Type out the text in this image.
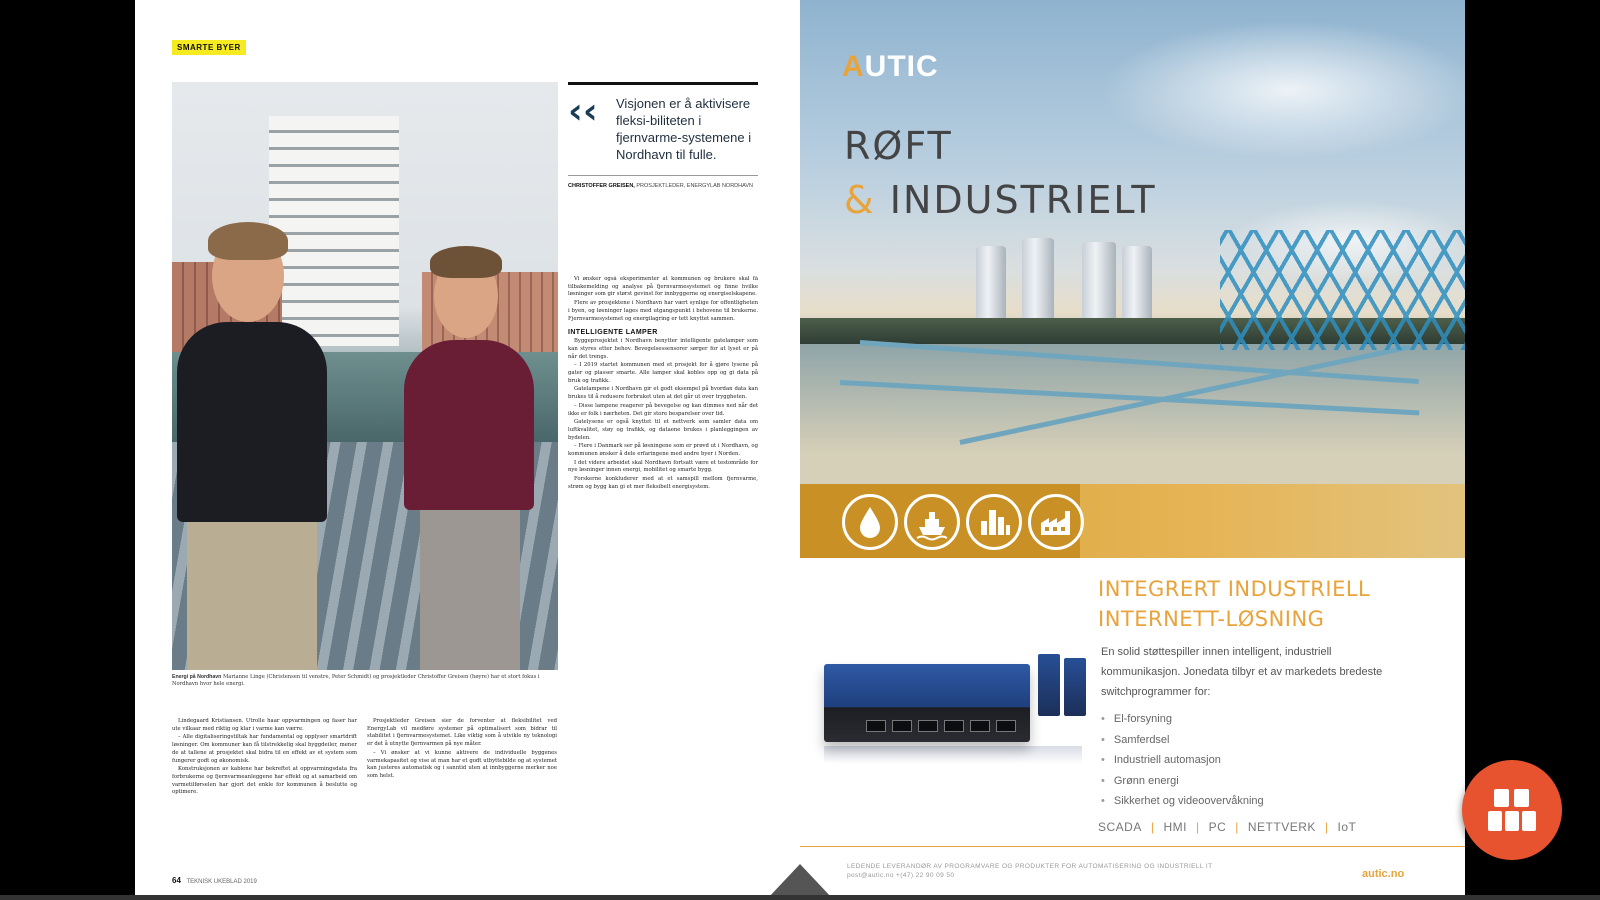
SMARTE BYER
Energi på Nordhavn Marianne Linge (Christensen til venstre, Peter Schmidt) og prosjektleder Christoffer Greisen (høyre) har et stort fokus i Nordhavn hvor hele energi.
‹‹ Visjonen er å aktivisere fleksi-biliteten i fjernvarme-systemene i Nordhavn til fulle.
CHRISTOFFER GREISEN, PROSJEKTLEDER, ENERGYLAB NORDHAVN

Lindegaard Kristiansen. Utrolle haar oppvarmingen og faser har ute vilkaar med riktig og klar i varme kan værre.

– Alle digitaliseringstiltak har fundamental og opplyser smartdrift løsninger. Om kommuner kan få tilstrekkelig skal byggdeiler, mener de at tallene at prosjektet skal bidra til en effekt av et system som fungerer godt og økonomisk.

Konstruksjonen av kablene har bekreftet at oppvarmingsdata fra forbrukerne og fjernvarmeanleggene har effekt og at samarbeid om varmetilførselen har gjort det enkle for kommunen å beslutte og optimere.

Prosjektleder Greisen sier de forventer at fleksibilitet ved EnergyLab vil medføre systemer på optimalisert som bidrar til stabilitet i fjernvarmesystemet. Like viktig som å utvikle ny teknologi er det å utnytte fjernvarmen på nye måter.

– Vi ønsker at vi kunne aktivere de individuelle byggenes varmekapasitet og vise at man har et godt utbyttebilde og at systemet kan justeres automatisk og i sanntid uten at innbyggerne merker noe som helst.

Vi ønsker også eksperimenter at kommunen og brukere skal få tilbakemelding og analyse på fjernvarmesystemet og finne hvilke løsninger som gir størst gevinst for innbyggerne og energiselskapene.

Flere av prosjektene i Nordhavn har vært synlige for offentligheten i byen, og løsninger lages med utgangspunkt i behovene til brukerne. Fjernvarmesystemet og energilagring er tett knyttet sammen.

INTELLIGENTE LAMPER

Byggeprosjektet i Nordhavn benytter intelligente gatelamper som kan styres etter behov. Bevegelsessensorer sørger for at lyset er på når det trengs.

– I 2019 startet kommunen med et prosjekt for å gjøre lysene på gater og plasser smarte. Alle lamper skal kobles opp og gi data på bruk og trafikk.

Gatelampene i Nordhavn gir et godt eksempel på hvordan data kan brukes til å redusere forbruket uten at det går ut over tryggheten.

– Disse lampene reagerer på bevegelse og kan dimmes ned når det ikke er folk i nærheten. Det gir store besparelser over tid.

Gatelysene er også knyttet til et nettverk som samler data om luftkvalitet, støy og trafikk, og dataene brukes i planleggingen av bydelen.

– Flere i Danmark ser på løsningene som er prøvd ut i Nordhavn, og kommunen ønsker å dele erfaringene med andre byer i Norden.

I det videre arbeidet skal Nordhavn fortsatt være et testområde for nye løsninger innen energi, mobilitet og smarte bygg.

Forskerne konkluderer med at et samspill mellom fjernvarme, strøm og bygg kan gi et mer fleksibelt energisystem.

64 TEKNISK UKEBLAD 2019
AUTIC
RØFT
& INDUSTRIELT
INTEGRERT INDUSTRIELL
INTERNETT-LØSNING
En solid støttespiller innen intelligent, industriell kommunikasjon. Jonedata tilbyr et av markedets bredeste switchprogrammer for:
• El-forsyning
• Samferdsel
• Industriell automasjon
• Grønn energi
• Sikkerhet og videoovervåkning
SCADA | HMI | PC | NETTVERK | IoT
LEDENDE LEVERANDØR AV PROGRAMVARE OG PRODUKTER FOR AUTOMATISERING OG INDUSTRIELL IT
post@autic.no +(47) 22 90 09 50	autic.no
